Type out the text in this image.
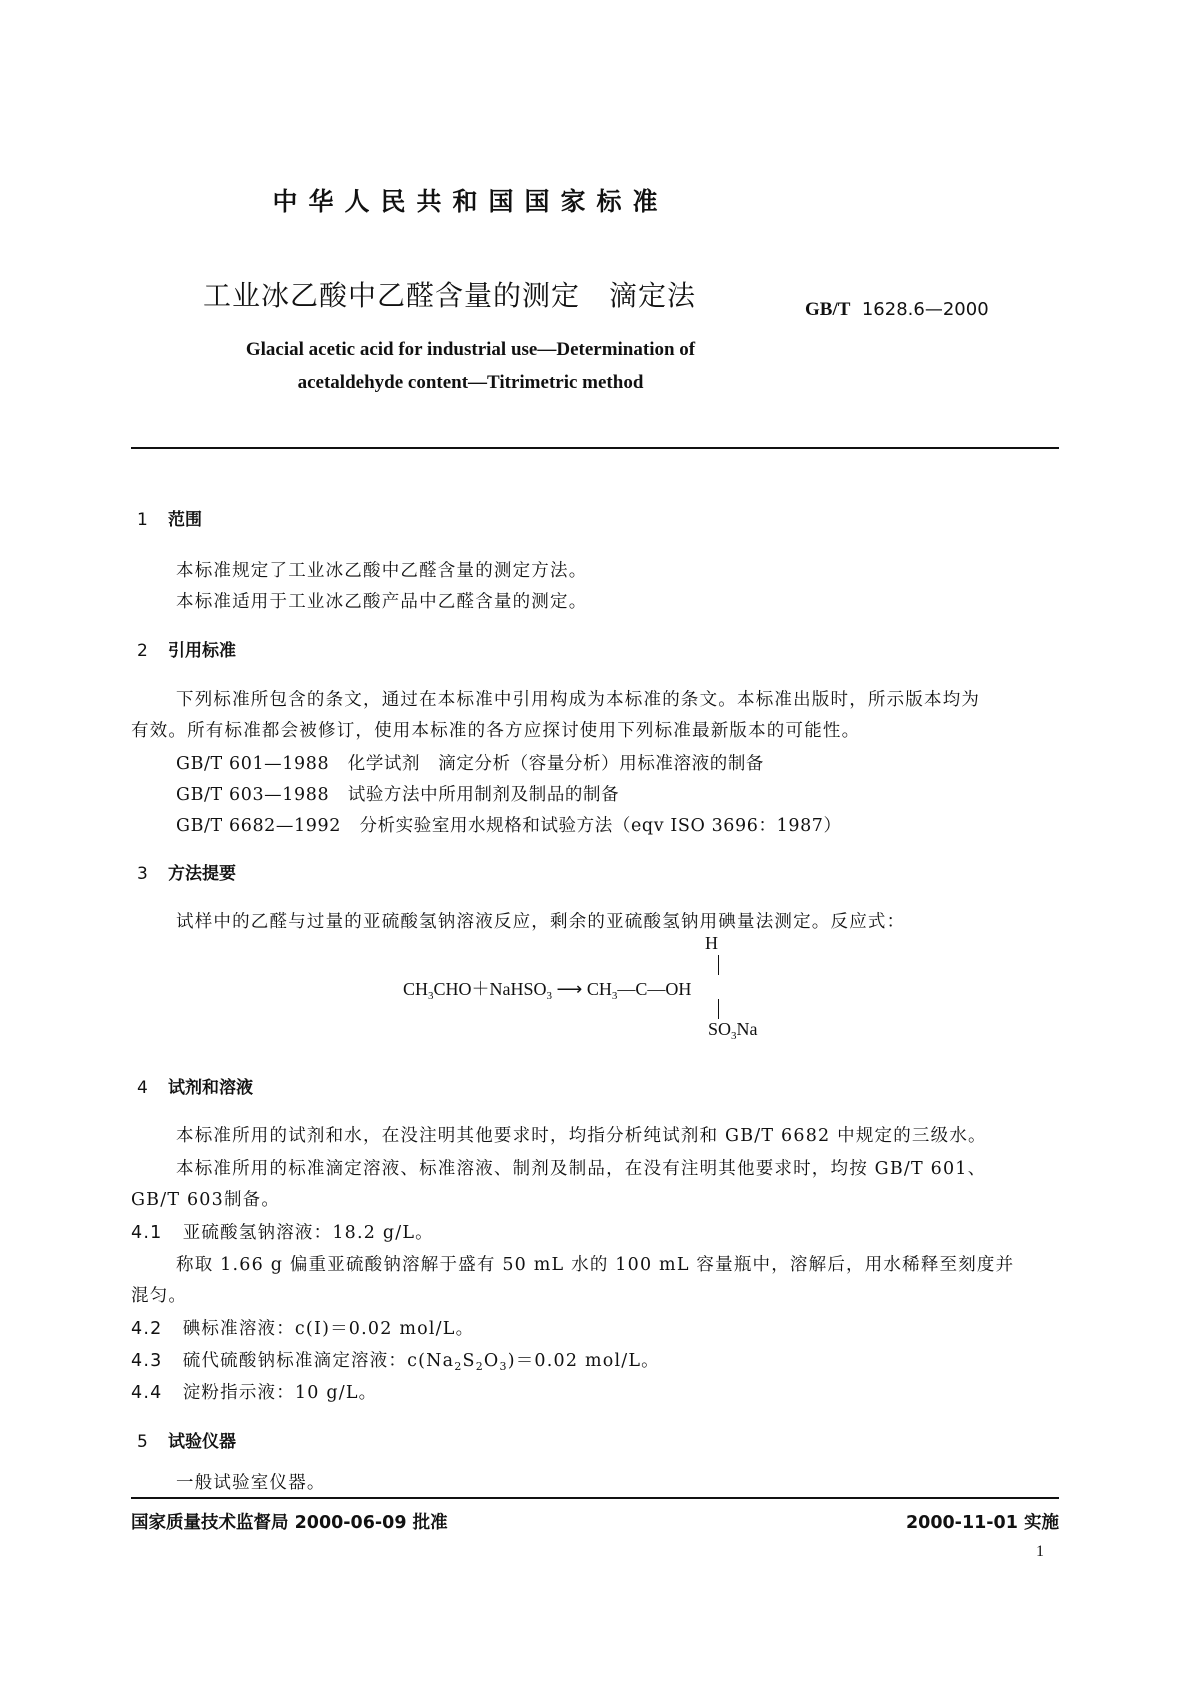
中华人民共和国国家标准
工业冰乙酸中乙醛含量的测定　滴定法	GB/T 1628.6—2000
Glacial acetic acid for industrial use—Determination of
acetaldehyde content—Titrimetric method
1 范围
本标准规定了工业冰乙酸中乙醛含量的测定方法。
本标准适用于工业冰乙酸产品中乙醛含量的测定。
2 引用标准
下列标准所包含的条文，通过在本标准中引用构成为本标准的条文。本标准出版时，所示版本均为
有效。所有标准都会被修订，使用本标准的各方应探讨使用下列标准最新版本的可能性。
GB/T 601—1988 化学试剂　滴定分析（容量分析）用标准溶液的制备
GB/T 603—1988 试验方法中所用制剂及制品的制备
GB/T 6682—1992 分析实验室用水规格和试验方法（eqv ISO 3696：1987）
3 方法提要
试样中的乙醛与过量的亚硫酸氢钠溶液反应，剩余的亚硫酸氢钠用碘量法测定。反应式：
H
$CH_3CHO+NaHSO_3$ ⟶ $CH_3—C—OH$
$SO_3Na$
4 试剂和溶液
本标准所用的试剂和水，在没注明其他要求时，均指分析纯试剂和 GB/T 6682 中规定的三级水。
本标准所用的标准滴定溶液、标准溶液、制剂及制品，在没有注明其他要求时，均按 GB/T 601、
GB/T 603制备。
4.1 亚硫酸氢钠溶液：18.2 g/L。
称取 1.66 g 偏重亚硫酸钠溶解于盛有 50 mL 水的 100 mL 容量瓶中，溶解后，用水稀释至刻度并
混匀。
4.2 碘标准溶液：c(I)＝0.02 mol/L。
4.3 硫代硫酸钠标准滴定溶液：$c(Na_2S_2O_3)=0.02$ mol/L。
4.4 淀粉指示液：10 g/L。
5 试验仪器
一般试验室仪器。
国家质量技术监督局 2000-06-09 批准	2000-11-01 实施
1
